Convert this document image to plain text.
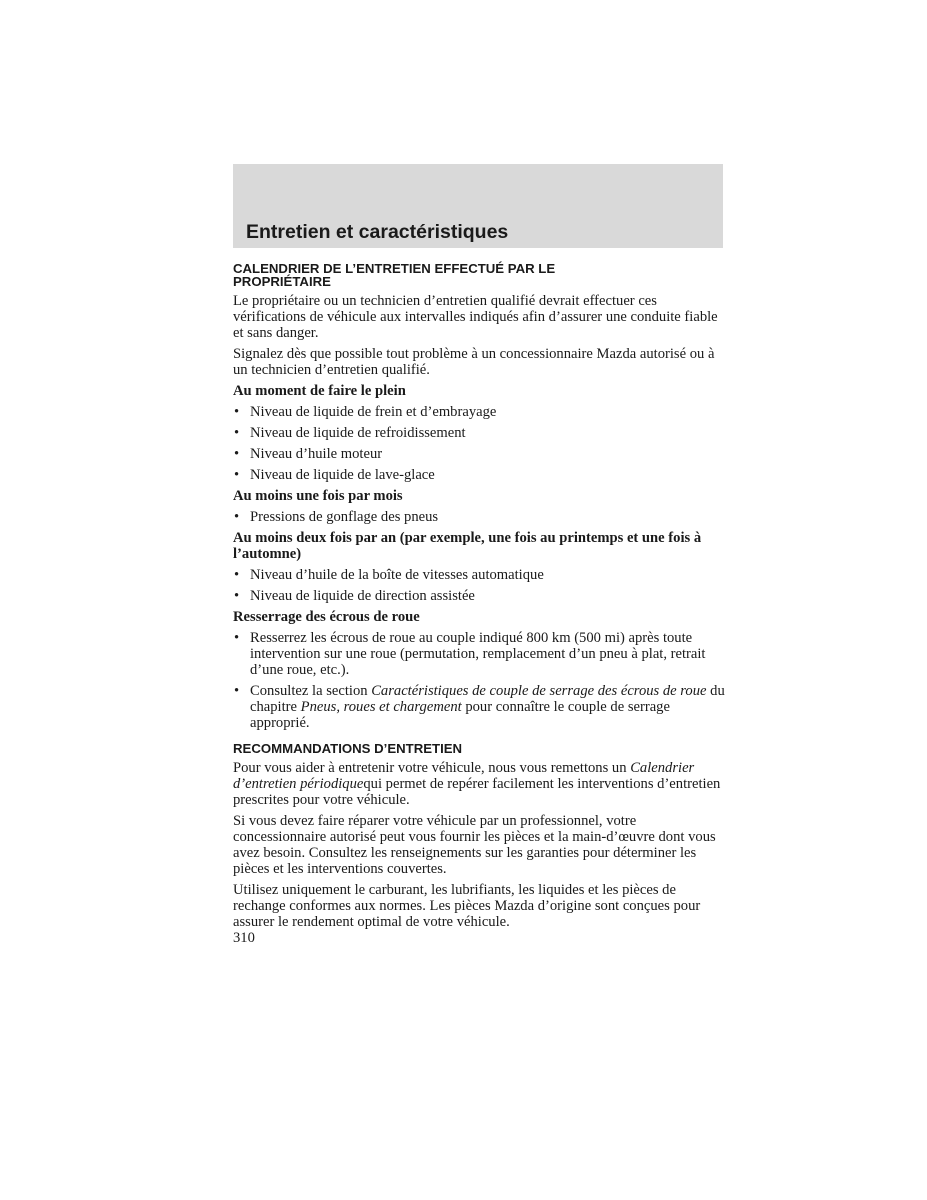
Entretien et caractéristiques
CALENDRIER DE L’ENTRETIEN EFFECTUÉ PAR LE
PROPRIÉTAIRE

Le propriétaire ou un technicien d’entretien qualifié devrait effectuer ces vérifications de véhicule aux intervalles indiqués afin d’assurer une conduite fiable et sans danger.

Signalez dès que possible tout problème à un concessionnaire Mazda autorisé ou à un technicien d’entretien qualifié.

Au moment de faire le plein
• Niveau de liquide de frein et d’embrayage
• Niveau de liquide de refroidissement
• Niveau d’huile moteur
• Niveau de liquide de lave-glace
Au moins une fois par mois
• Pressions de gonflage des pneus
Au moins deux fois par an (par exemple, une fois au printemps et une fois à l’automne)
• Niveau d’huile de la boîte de vitesses automatique
• Niveau de liquide de direction assistée
Resserrage des écrous de roue
• Resserrez les écrous de roue au couple indiqué 800 km (500 mi) après toute intervention sur une roue (permutation, remplacement d’un pneu à plat, retrait d’une roue, etc.).
• Consultez la section Caractéristiques de couple de serrage des écrous de roue du chapitre Pneus, roues et chargement pour connaître le couple de serrage approprié.
RECOMMANDATIONS D’ENTRETIEN

Pour vous aider à entretenir votre véhicule, nous vous remettons un Calendrier d’entretien périodiquequi permet de repérer facilement les interventions d’entretien prescrites pour votre véhicule.

Si vous devez faire réparer votre véhicule par un professionnel, votre concessionnaire autorisé peut vous fournir les pièces et la main-d’œuvre dont vous avez besoin. Consultez les renseignements sur les garanties pour déterminer les pièces et les interventions couvertes.

Utilisez uniquement le carburant, les lubrifiants, les liquides et les pièces de rechange conformes aux normes. Les pièces Mazda d’origine sont conçues pour assurer le rendement optimal de votre véhicule.

310
